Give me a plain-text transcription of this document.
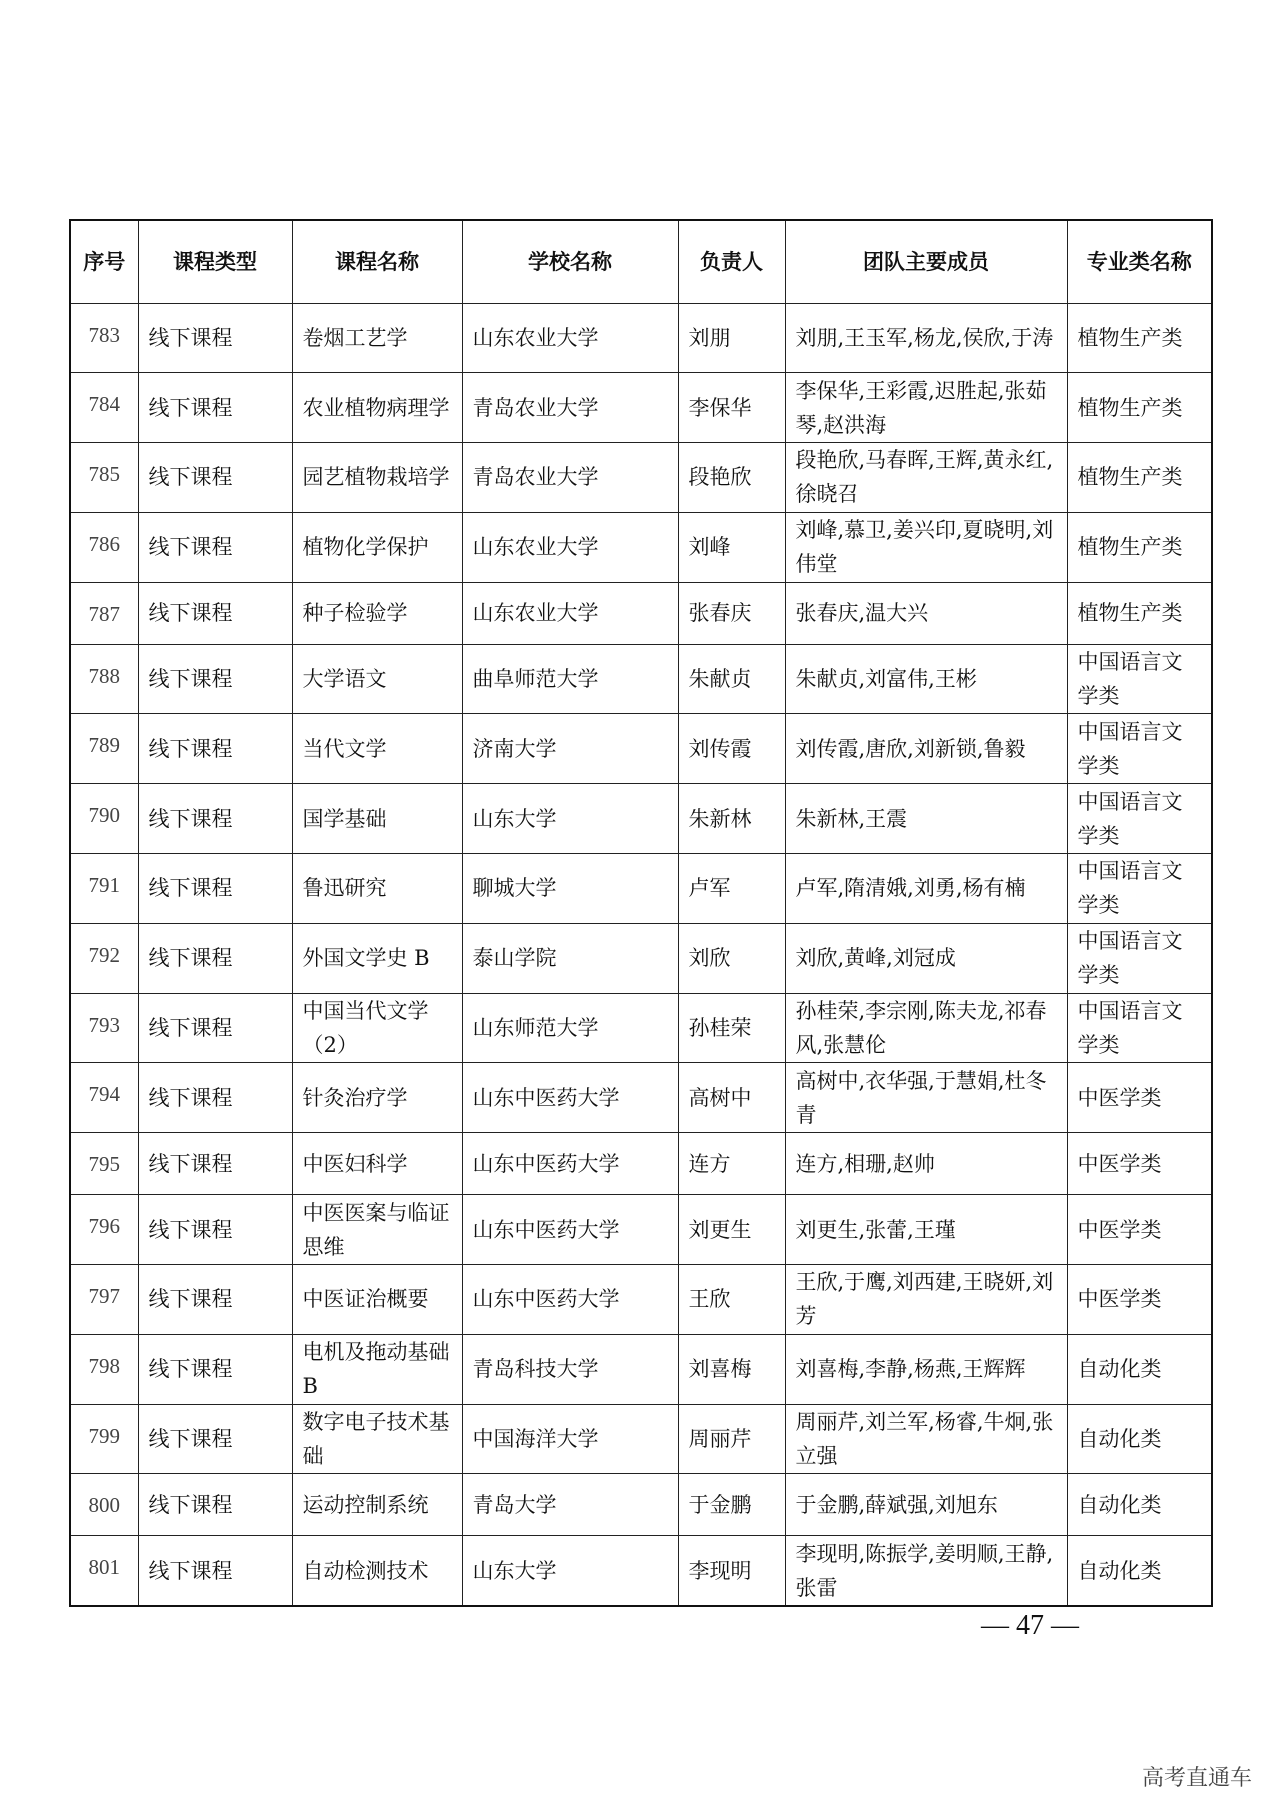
序号	课程类型	课程名称	学校名称	负责人	团队主要成员	专业类名称
783	线下课程	卷烟工艺学	山东农业大学	刘朋	刘朋,王玉军,杨龙,侯欣,于涛	植物生产类
784	线下课程	农业植物病理学	青岛农业大学	李保华	李保华,王彩霞,迟胜起,张茹琴,赵洪海	植物生产类
785	线下课程	园艺植物栽培学	青岛农业大学	段艳欣	段艳欣,马春晖,王辉,黄永红,徐晓召	植物生产类
786	线下课程	植物化学保护	山东农业大学	刘峰	刘峰,慕卫,姜兴印,夏晓明,刘伟堂	植物生产类
787	线下课程	种子检验学	山东农业大学	张春庆	张春庆,温大兴	植物生产类
788	线下课程	大学语文	曲阜师范大学	朱献贞	朱献贞,刘富伟,王彬	中国语言文学类
789	线下课程	当代文学	济南大学	刘传霞	刘传霞,唐欣,刘新锁,鲁毅	中国语言文学类
790	线下课程	国学基础	山东大学	朱新林	朱新林,王震	中国语言文学类
791	线下课程	鲁迅研究	聊城大学	卢军	卢军,隋清娥,刘勇,杨有楠	中国语言文学类
792	线下课程	外国文学史 B	泰山学院	刘欣	刘欣,黄峰,刘冠成	中国语言文学类
793	线下课程	中国当代文学（2）	山东师范大学	孙桂荣	孙桂荣,李宗刚,陈夫龙,祁春风,张慧伦	中国语言文学类
794	线下课程	针灸治疗学	山东中医药大学	高树中	高树中,衣华强,于慧娟,杜冬青	中医学类
795	线下课程	中医妇科学	山东中医药大学	连方	连方,相珊,赵帅	中医学类
796	线下课程	中医医案与临证思维	山东中医药大学	刘更生	刘更生,张蕾,王瑾	中医学类
797	线下课程	中医证治概要	山东中医药大学	王欣	王欣,于鹰,刘西建,王晓妍,刘芳	中医学类
798	线下课程	电机及拖动基础 B	青岛科技大学	刘喜梅	刘喜梅,李静,杨燕,王辉辉	自动化类
799	线下课程	数字电子技术基础	中国海洋大学	周丽芹	周丽芹,刘兰军,杨睿,牛炯,张立强	自动化类
800	线下课程	运动控制系统	青岛大学	于金鹏	于金鹏,薛斌强,刘旭东	自动化类
801	线下课程	自动检测技术	山东大学	李现明	李现明,陈振学,姜明顺,王静,张雷	自动化类
— 47 —
高考直通车
